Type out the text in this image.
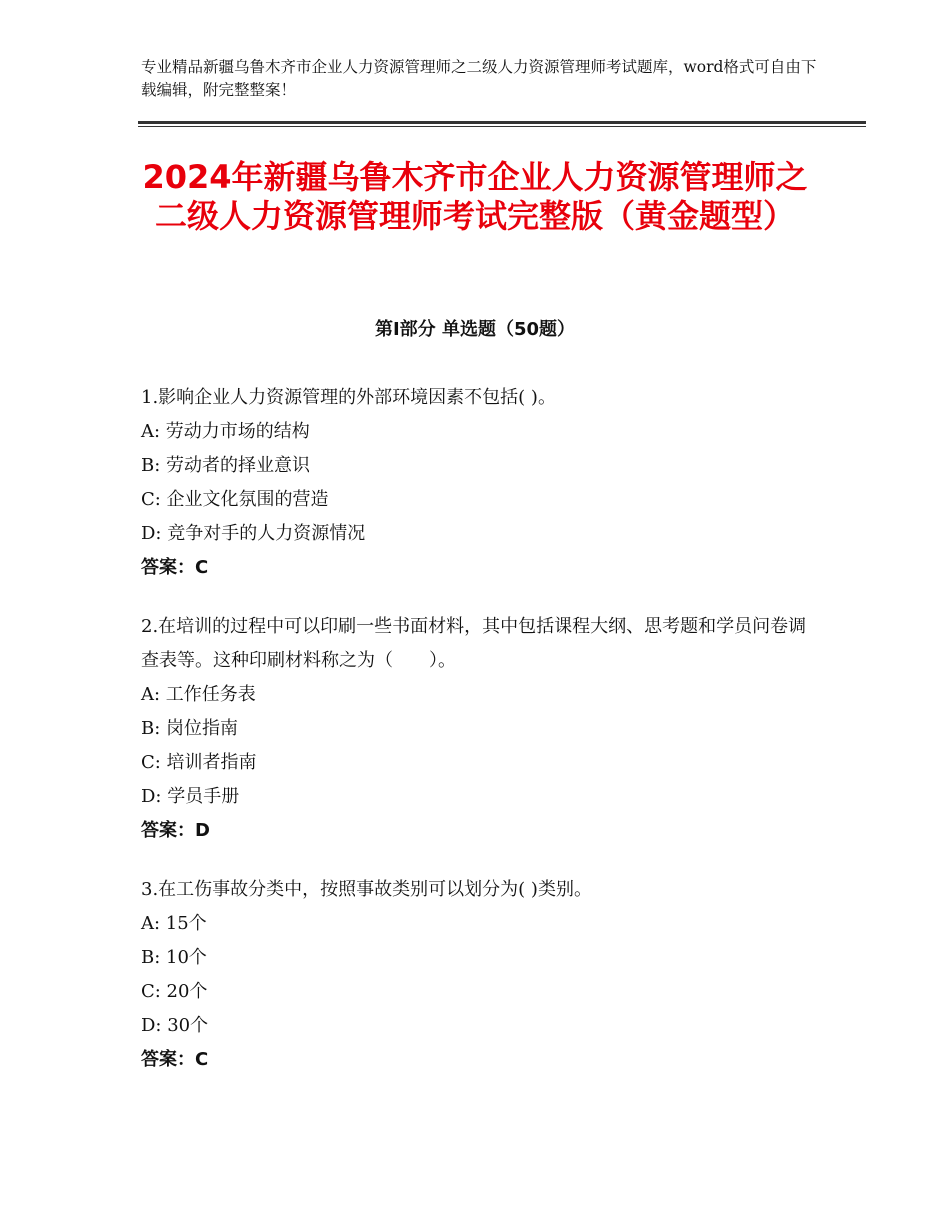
专业精品新疆乌鲁木齐市企业人力资源管理师之二级人力资源管理师考试题库，word格式可自由下载编辑，附完整整案！
2024年新疆乌鲁木齐市企业人力资源管理师之二级人力资源管理师考试完整版（黄金题型）
第Ⅰ部分 单选题（50题）

1.影响企业人力资源管理的外部环境因素不包括( )。

A: 劳动力市场的结构

B: 劳动者的择业意识

C: 企业文化氛围的营造

D: 竞争对手的人力资源情况

答案：C

2.在培训的过程中可以印刷一些书面材料，其中包括课程大纲、思考题和学员问卷调查表等。这种印刷材料称之为（　　）。

A: 工作任务表

B: 岗位指南

C: 培训者指南

D: 学员手册

答案：D

3.在工伤事故分类中，按照事故类别可以划分为( )类别。

A: 15个

B: 10个

C: 20个

D: 30个

答案：C
